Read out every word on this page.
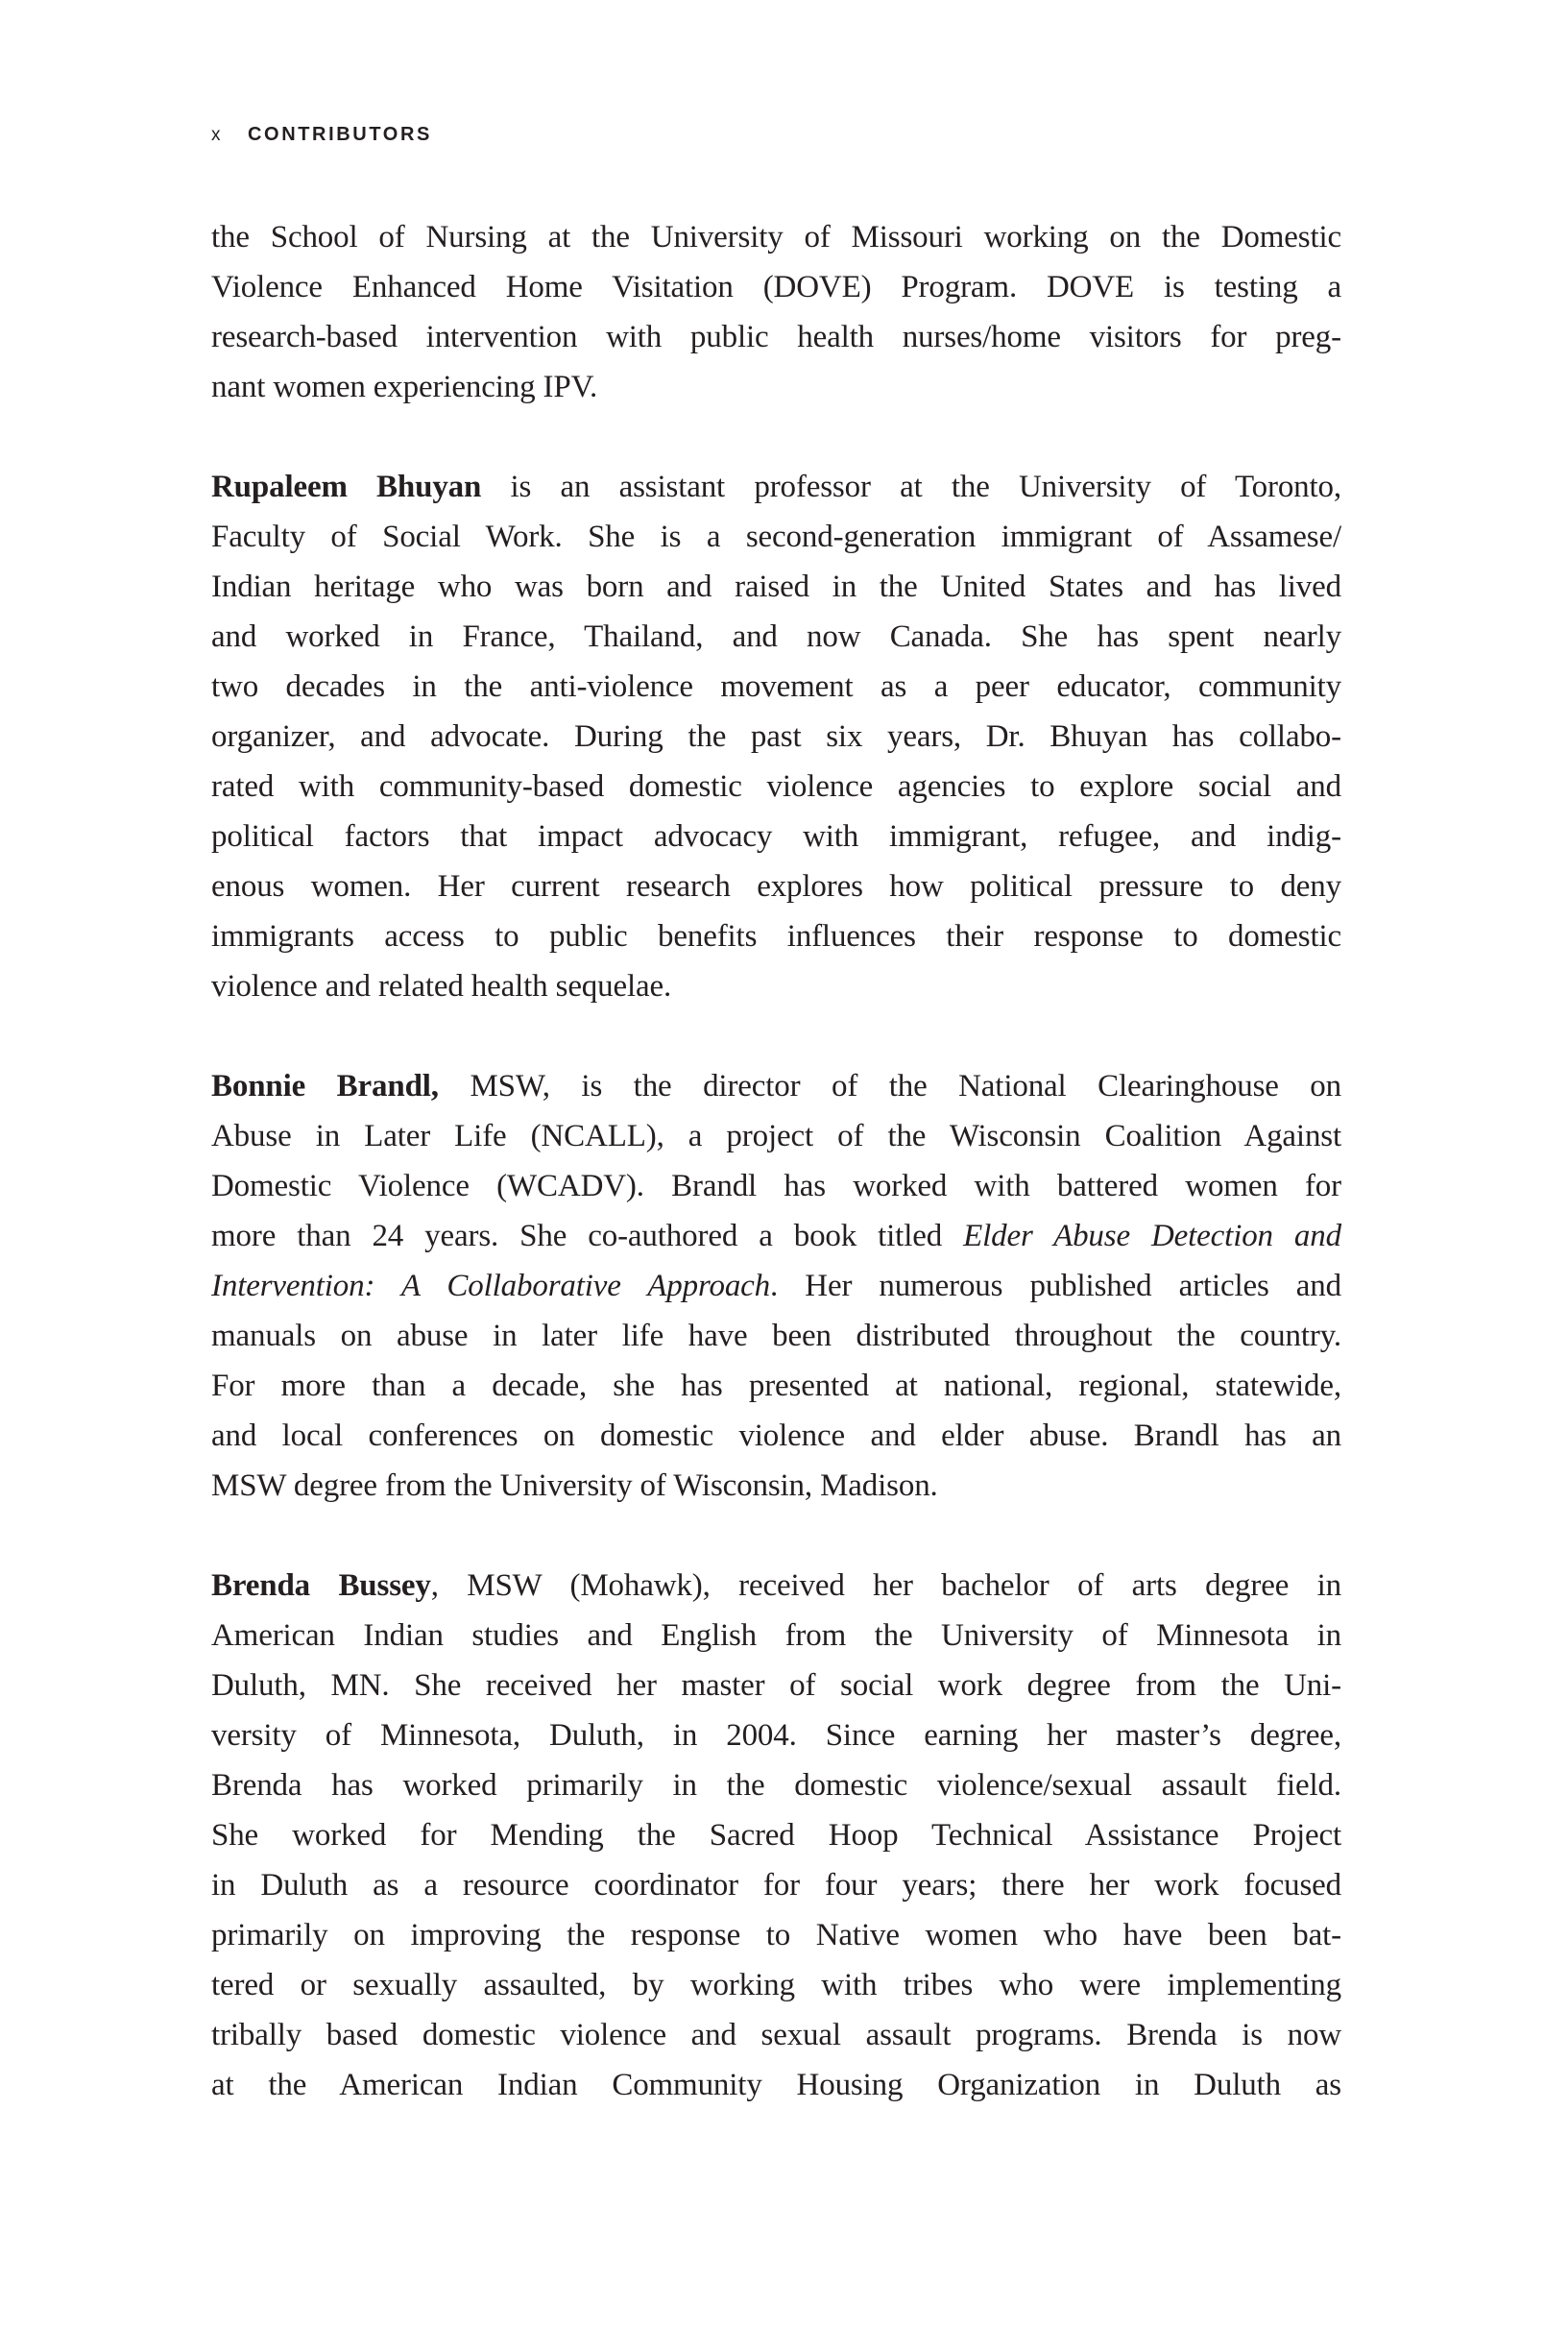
x	CONTRIBUTORS
the School of Nursing at the University of Missouri working on the Domestic
Violence Enhanced Home Visitation (DOVE) Program. DOVE is testing a
research-based intervention with public health nurses/home visitors for preg-
nant women experiencing IPV.
Rupaleem Bhuyan is an assistant professor at the University of Toronto,
Faculty of Social Work. She is a second-generation immigrant of Assamese/
Indian heritage who was born and raised in the United States and has lived
and worked in France, Thailand, and now Canada. She has spent nearly
two decades in the anti-violence movement as a peer educator, community
organizer, and advocate. During the past six years, Dr. Bhuyan has collabo-
rated with community-based domestic violence agencies to explore social and
political factors that impact advocacy with immigrant, refugee, and indig-
enous women. Her current research explores how political pressure to deny
immigrants access to public benefits influences their response to domestic
violence and related health sequelae.
Bonnie Brandl, MSW, is the director of the National Clearinghouse on
Abuse in Later Life (NCALL), a project of the Wisconsin Coalition Against
Domestic Violence (WCADV). Brandl has worked with battered women for
more than 24 years. She co-authored a book titled Elder Abuse Detection and
Intervention: A Collaborative Approach. Her numerous published articles and
manuals on abuse in later life have been distributed throughout the country.
For more than a decade, she has presented at national, regional, statewide,
and local conferences on domestic violence and elder abuse. Brandl has an
MSW degree from the University of Wisconsin, Madison.
Brenda Bussey, MSW (Mohawk), received her bachelor of arts degree in
American Indian studies and English from the University of Minnesota in
Duluth, MN. She received her master of social work degree from the Uni-
versity of Minnesota, Duluth, in 2004. Since earning her master’s degree,
Brenda has worked primarily in the domestic violence/sexual assault field.
She worked for Mending the Sacred Hoop Technical Assistance Project
in Duluth as a resource coordinator for four years; there her work focused
primarily on improving the response to Native women who have been bat-
tered or sexually assaulted, by working with tribes who were implementing
tribally based domestic violence and sexual assault programs. Brenda is now
at the American Indian Community Housing Organization in Duluth as
